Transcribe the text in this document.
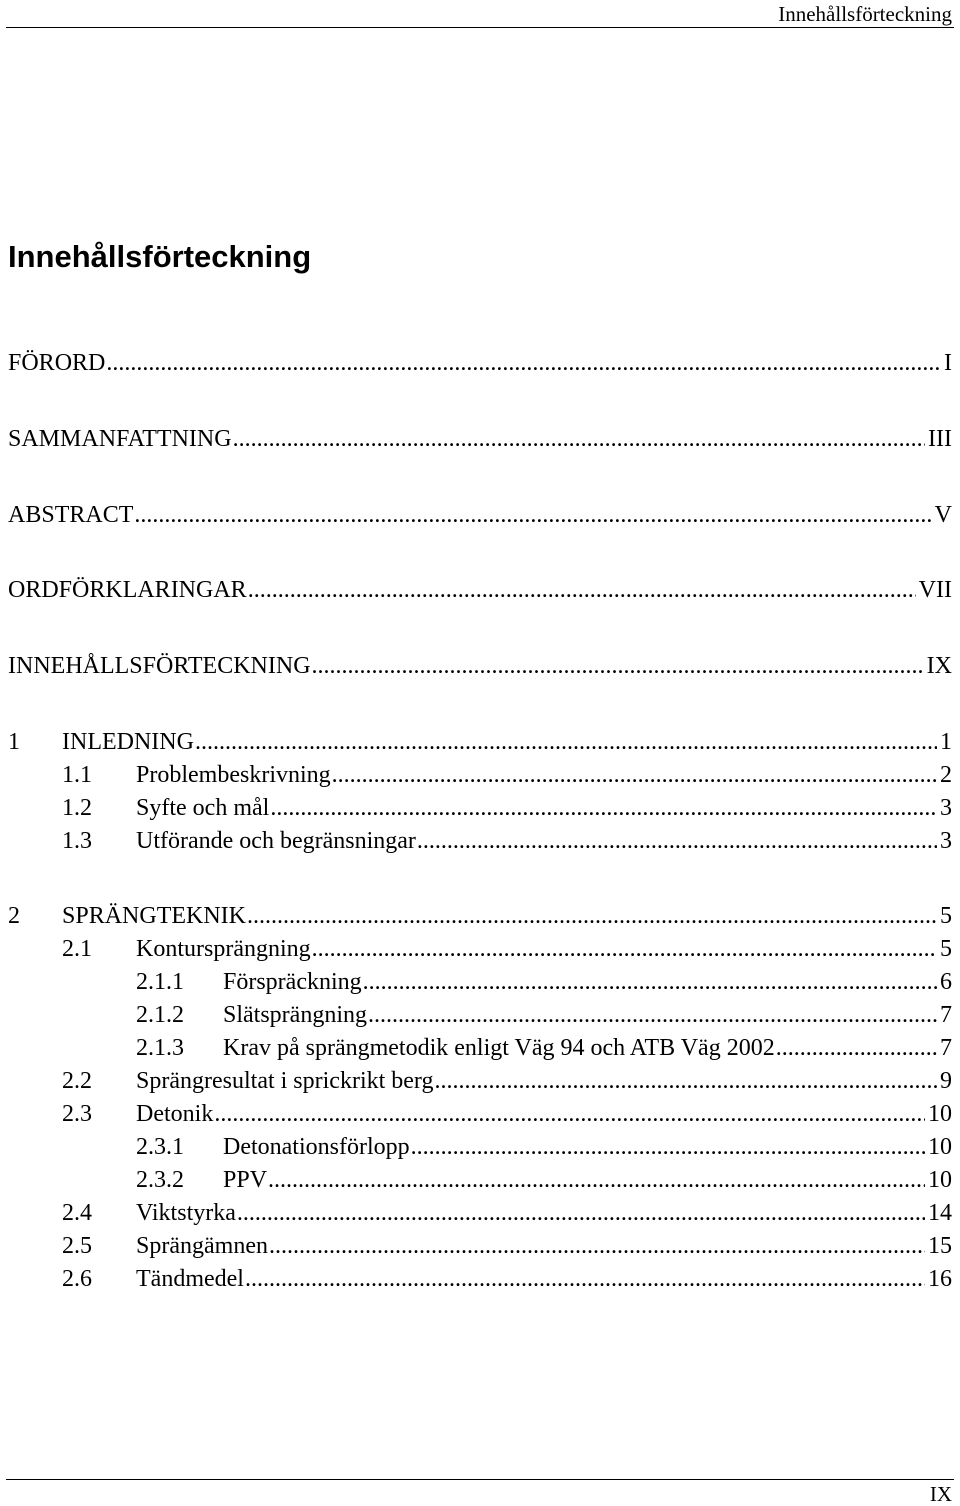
Innehållsförteckning
Innehållsförteckning
FÖRORD .....	I
SAMMANFATTNING .....	III
ABSTRACT .....	V
ORDFÖRKLARINGAR .....	VII
INNEHÅLLSFÖRTECKNING .....	IX
1	INLEDNING .....	1
1.1	Problembeskrivning .....	2
1.2	Syfte och mål .....	3
1.3	Utförande och begränsningar .....	3
2	SPRÄNGTEKNIK .....	5
2.1	Kontursprängning .....	5
2.1.1	Förspräckning .....	6
2.1.2	Slätsprängning .....	7
2.1.3	Krav på sprängmetodik enligt Väg 94 och ATB Väg 2002 .....	7
2.2	Sprängresultat i sprickrikt berg .....	9
2.3	Detonik .....	10
2.3.1	Detonationsförlopp .....	10
2.3.2	PPV .....	10
2.4	Viktstyrka .....	14
2.5	Sprängämnen .....	15
2.6	Tändmedel .....	16
IX
